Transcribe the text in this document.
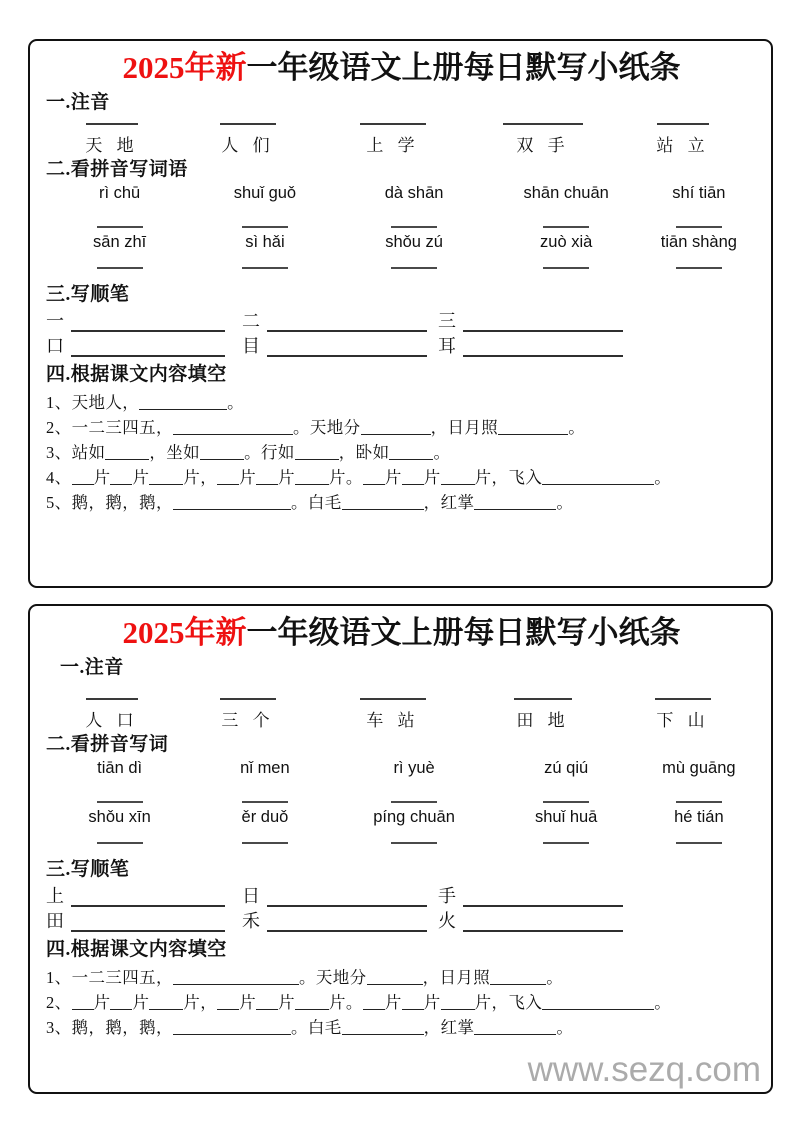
2025年新一年级语文上册每日默写小纸条
一.注音
天 地	人 们	上 学	双 手	站 立
二.看拼音写词语
rì chū	shuǐ guǒ	dà shān	shān chuān	shí tiān
sān zhī	sì hǎi	shǒu zú	zuò xià	tiān shàng
三.写顺笔
一	二	三
口	目	耳
四.根据课文内容填空
1、天地人，	。
2、一二三四五，	。天地分	，日月照	。
3、站如	，坐如	。行如	，卧如	。
4、 片 片 片， 片 片 片。 片 片 片，飞入	。
5、鹅，鹅，鹅，	。白毛	，红掌	。
2025年新一年级语文上册每日默写小纸条
一.注音
人 口	三 个	车 站	田 地	下 山
二.看拼音写词
tiān dì	nǐ men	rì yuè	zú qiú	mù guāng
shǒu xīn	ěr duǒ	píng chuān	shuǐ huā	hé tián
三.写顺笔
上	日	手
田	禾	火
四.根据课文内容填空
1、一二三四五，	。天地分	，日月照	。
2、 片 片 片， 片 片 片。 片 片 片，飞入	。
3、鹅，鹅，鹅，	。白毛	，红掌	。
www.sezq.com
